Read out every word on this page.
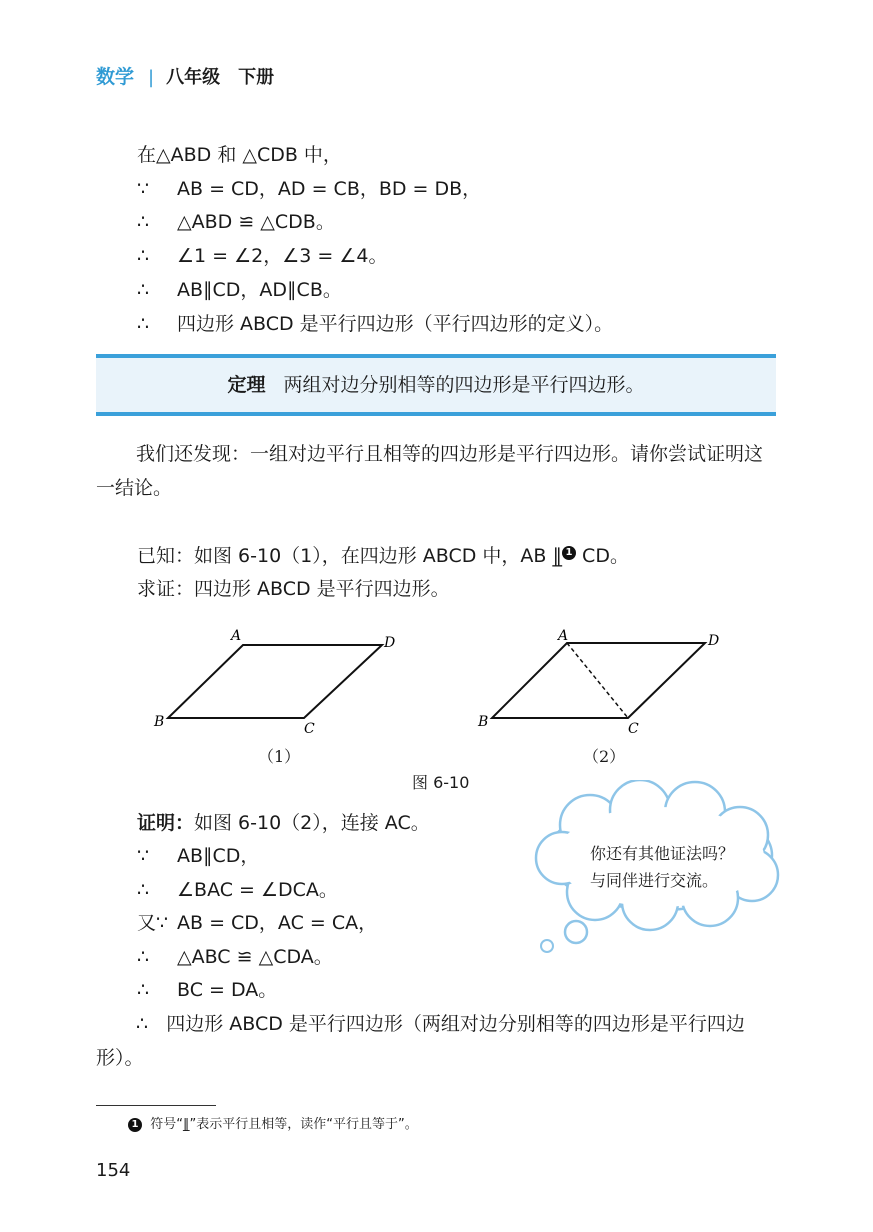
数学 | 八年级　下册
在△ABD 和 △CDB 中，
∵ AB = CD，AD = CB，BD = DB，
∴ △ABD ≌ △CDB。
∴ ∠1 = ∠2，∠3 = ∠4。
∴ AB∥CD，AD∥CB。
∴ 四边形 ABCD 是平行四边形（平行四边形的定义）。
定理 两组对边分别相等的四边形是平行四边形。
我们还发现：一组对边平行且相等的四边形是平行四边形。请你尝试证明这一结论。
已知：如图 6-10（1），在四边形 ABCD 中，AB ∥̲ 1 CD。
求证：四边形 ABCD 是平行四边形。
A	D
B	C
A	D
B	C
（1）	（2）
图 6-10
证明：如图 6-10（2），连接 AC。
∵ AB∥CD，
∴ ∠BAC = ∠DCA。
又∵ AB = CD，AC = CA，
∴ △ABC ≌ △CDA。
∴ BC = DA。
∴ 四边形 ABCD 是平行四边形（两组对边分别相等的四边形是平行四边形）。
你还有其他证法吗？
与同伴进行交流。
1 符号“∥̲”表示平行且相等，读作“平行且等于”。
154
